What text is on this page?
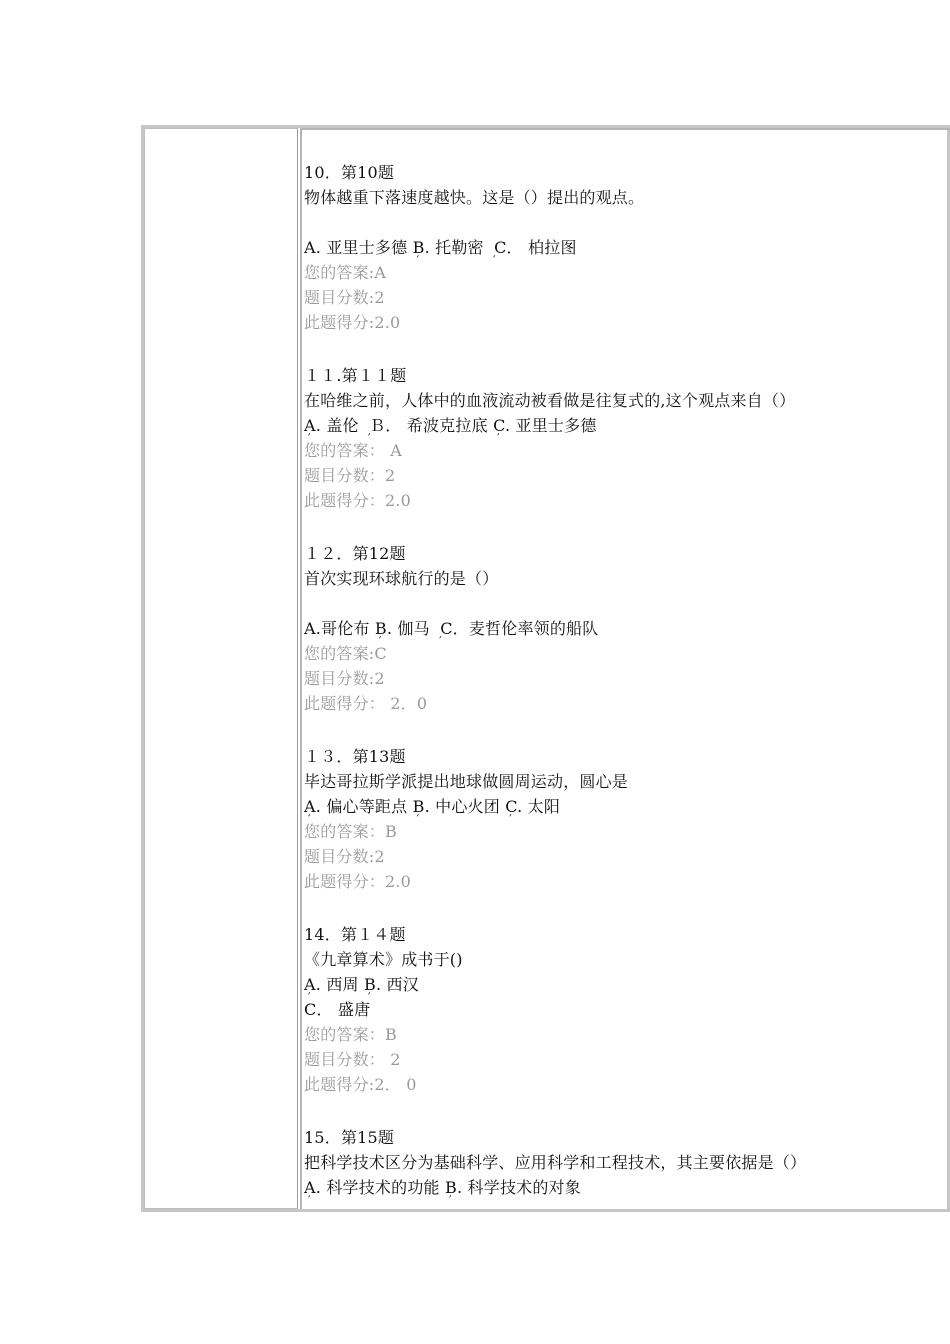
10．第10题
物体越重下落速度越快。这是（）提出的观点。
A. 亚里士多德 ܼB. 托勒密 ܼ C． 柏拉图
您的答案:A
题目分数:2
此题得分:2.0
１１.第１１题
在哈维之前，人体中的血液流动被看做是往复式的,这个观点来自（）
ܼA. 盖伦 ܼ Ｂ． 希波克拉底 ܼC. 亚里士多德
您的答案： A
题目分数：2
此题得分：2.0
１２．第12题
首次实现环球航行的是（）
A.哥伦布 ܼB. 伽马 ܼ C．麦哲伦率领的船队
您的答案:C
题目分数:2
此题得分： 2．0
１３．第13题
毕达哥拉斯学派提出地球做圆周运动，圆心是
ܼA. 偏心等距点 ܼB. 中心火团 ܼC. 太阳
您的答案：B
题目分数:2
此题得分：2.0
14．第１４题
《九章算术》成书于()
ܼA. 西周 ܼB. 西汉
C． 盛唐
您的答案：B
题目分数： 2
此题得分:2． 0
15．第15题
把科学技术区分为基础科学、应用科学和工程技术，其主要依据是（）
ܼA. 科学技术的功能 ܼB. 科学技术的对象
